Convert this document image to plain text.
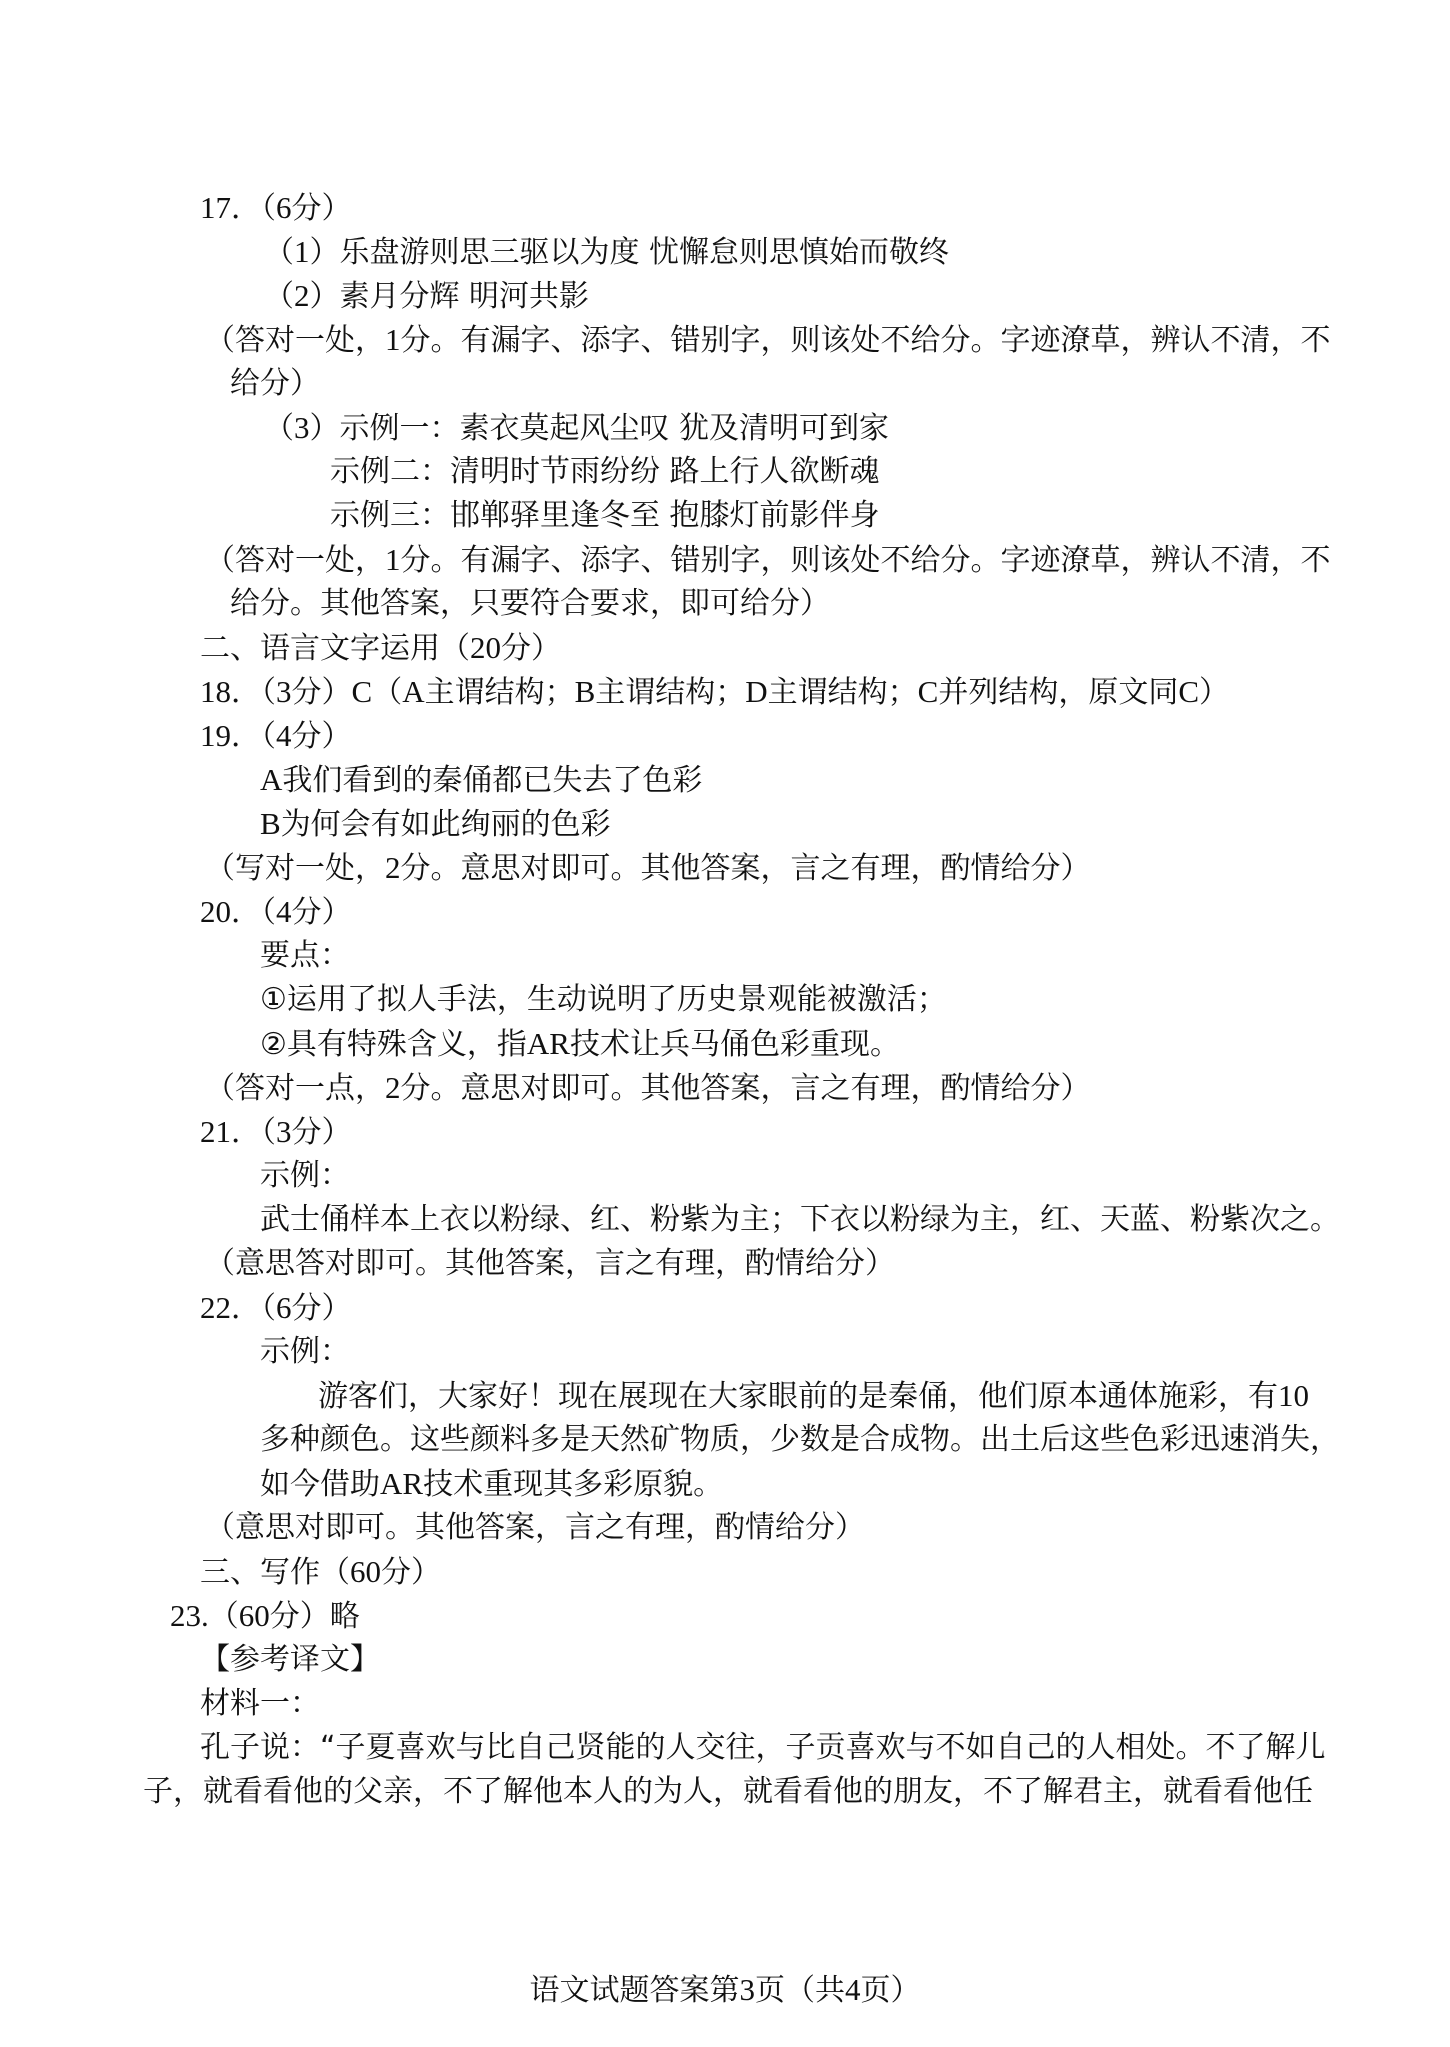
17．（6分）
（1）乐盘游则思三驱以为度 忧懈怠则思慎始而敬终
（2）素月分辉 明河共影
（答对一处，1分。有漏字、添字、错别字，则该处不给分。字迹潦草，辨认不清，不
给分）
（3）示例一：素衣莫起风尘叹 犹及清明可到家
示例二：清明时节雨纷纷 路上行人欲断魂
示例三：邯郸驿里逢冬至 抱膝灯前影伴身
（答对一处，1分。有漏字、添字、错别字，则该处不给分。字迹潦草，辨认不清，不
给分。其他答案，只要符合要求，即可给分）
二、语言文字运用（20分）
18．（3分）C（A主谓结构；B主谓结构；D主谓结构；C并列结构，原文同C）
19．（4分）
A我们看到的秦俑都已失去了色彩
B为何会有如此绚丽的色彩
（写对一处，2分。意思对即可。其他答案，言之有理，酌情给分）
20．（4分）
要点：
①运用了拟人手法，生动说明了历史景观能被激活；
②具有特殊含义，指AR技术让兵马俑色彩重现。
（答对一点，2分。意思对即可。其他答案，言之有理，酌情给分）
21．（3分）
示例：
武士俑样本上衣以粉绿、红、粉紫为主；下衣以粉绿为主，红、天蓝、粉紫次之。
（意思答对即可。其他答案，言之有理，酌情给分）
22．（6分）
示例：
游客们，大家好！现在展现在大家眼前的是秦俑，他们原本通体施彩，有10
多种颜色。这些颜料多是天然矿物质，少数是合成物。出土后这些色彩迅速消失，
如今借助AR技术重现其多彩原貌。
（意思对即可。其他答案，言之有理，酌情给分）
三、写作（60分）
23.（60分）略
【参考译文】
材料一：
孔子说：“子夏喜欢与比自己贤能的人交往，子贡喜欢与不如自己的人相处。不了解儿
子，就看看他的父亲，不了解他本人的为人，就看看他的朋友，不了解君主，就看看他任
语文试题答案第3页（共4页）
